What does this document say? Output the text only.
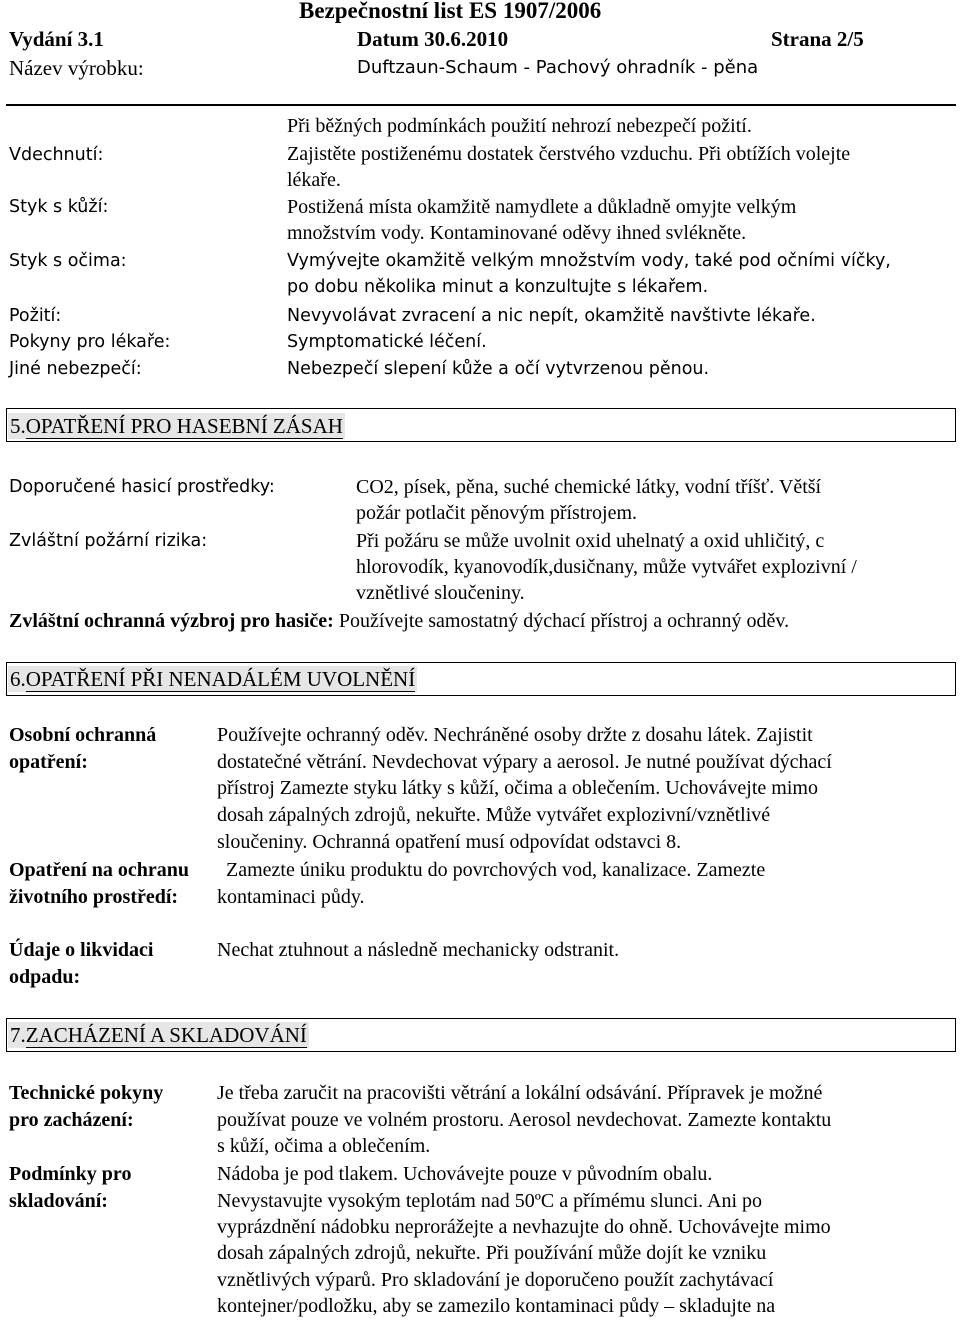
Bezpečnostní list ES 1907/2006
Vydání 3.1	Datum 30.6.2010	Strana 2/5
Název výrobku:	Duftzaun-Schaum - Pachový ohradník - pěna
Při běžných podmínkách použití nehrozí nebezpečí požití.
Vdechnutí:	Zajistěte postiženému dostatek čerstvého vzduchu. Při obtížích volejte
lékaře.
Styk s kůží:	Postižená místa okamžitě namydlete a důkladně omyjte velkým
množstvím vody. Kontaminované oděvy ihned svlékněte.
Styk s očima:	Vymývejte okamžitě velkým množstvím vody, také pod očními víčky,
po dobu několika minut a konzultujte s lékařem.
Požití:	Nevyvolávat zvracení a nic nepít, okamžitě navštivte lékaře.
Pokyny pro lékaře:	Symptomatické léčení.
Jiné nebezpečí:	Nebezpečí slepení kůže a očí vytvrzenou pěnou.
5.OPATŘENÍ PRO HASEBNÍ ZÁSAH
Doporučené hasicí prostředky:	CO2, písek, pěna, suché chemické látky, vodní tříšť. Větší
požár potlačit pěnovým přístrojem.
Zvláštní požární rizika:	Při požáru se může uvolnit oxid uhelnatý a oxid uhličitý, c
hlorovodík, kyanovodík,dusičnany, může vytvářet explozivní /
vznětlivé sloučeniny.
Zvláštní ochranná výzbroj pro hasiče: Používejte samostatný dýchací přístroj a ochranný oděv.
6.OPATŘENÍ PŘI NENADÁLÉM UVOLNĚNÍ
Osobní ochranná
opatření:
Používejte ochranný oděv. Nechráněné osoby držte z dosahu látek. Zajistit
dostatečné větrání. Nevdechovat výpary a aerosol. Je nutné používat dýchací
přístroj Zamezte styku látky s kůží, očima a oblečením. Uchovávejte mimo
dosah zápalných zdrojů, nekuřte. Může vytvářet explozivní/vznětlivé
sloučeniny. Ochranná opatření musí odpovídat odstavci 8.
Opatření na ochranu
životního prostředí:
Zamezte úniku produktu do povrchových vod, kanalizace. Zamezte
kontaminaci půdy.
Údaje o likvidaci
odpadu:
Nechat ztuhnout a následně mechanicky odstranit.
7.ZACHÁZENÍ A SKLADOVÁNÍ
Technické pokyny
pro zacházení:
Je třeba zaručit na pracovišti větrání a lokální odsávání. Přípravek je možné
používat pouze ve volném prostoru. Aerosol nevdechovat. Zamezte kontaktu
s kůží, očima a oblečením.
Podmínky pro
skladování:
Nádoba je pod tlakem. Uchovávejte pouze v původním obalu.
Nevystavujte vysokým teplotám nad 50ºC a přímému slunci. Ani po
vyprázdnění nádobku neprorážejte a nevhazujte do ohně. Uchovávejte mimo
dosah zápalných zdrojů, nekuřte. Při používání může dojít ke vzniku
vznětlivých výparů. Pro skladování je doporučeno použít zachytávací
kontejner/podložku, aby se zamezilo kontaminaci půdy – skladujte na
